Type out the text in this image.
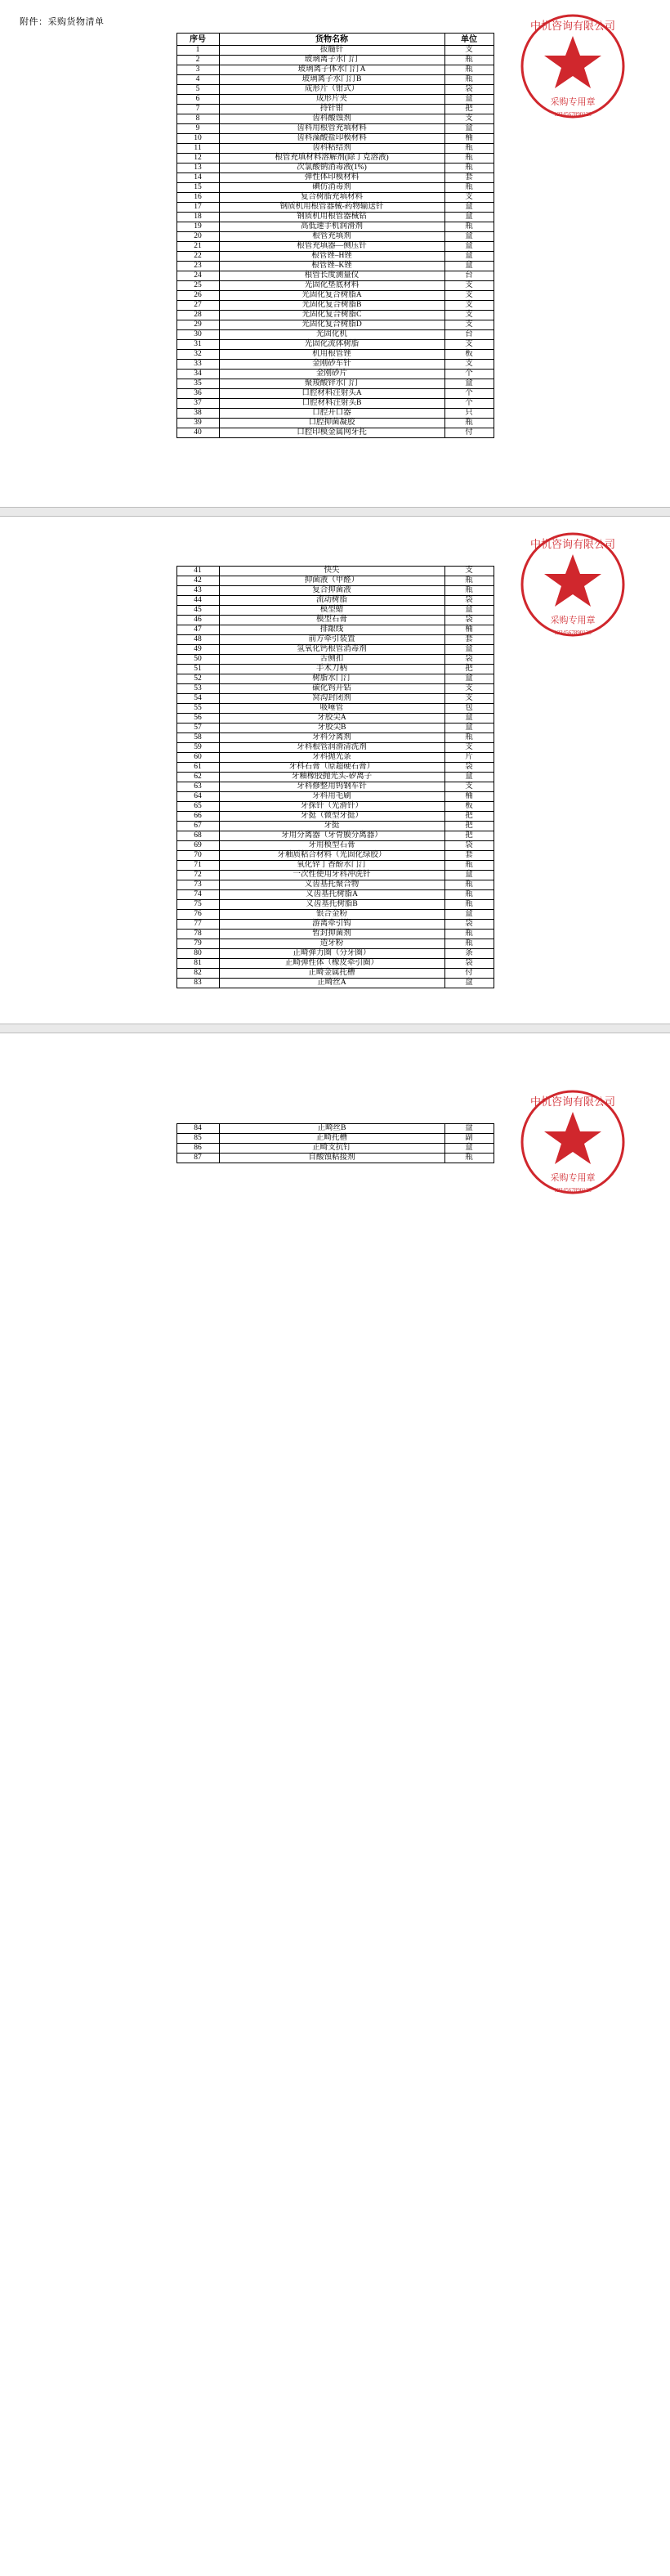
附件：采购货物清单
序号	货物名称	单位
1	拔髓针	支
2	玻璃离子水门汀	瓶
3	玻璃离子体水门汀A	瓶
4	玻璃离子水门汀B	瓶
5	成形片（钳式）	袋
6	成形片夹	盒
7	持针钳	把
8	齿科酸蚀剂	支
9	齿科用根管充填材料	盒
10	齿科藻酸盐印模材料	桶
11	齿科粘结剂	瓶
12	根管充填材料溶解剂(除丁克溶液)	瓶
13	次氯酸钠消毒液(1%)	瓶
14	弹性体印模材料	套
15	碘仿消毒剂	瓶
16	复合树脂充填材料	支
17	钢质机用根管器械-药物输送针	盒
18	钢质机用根管器械钻	盒
19	高低速手机润滑剂	瓶
20	根管充填剂	盒
21	根管充填器—侧压针	盒
22	根管锉–H锉	盒
23	根管锉–K锉	盒
24	根管长度测量仪	台
25	光固化垫底材料	支
26	光固化复合树脂A	支
27	光固化复合树脂B	支
28	光固化复合树脂C	支
29	光固化复合树脂D	支
30	光固化机	台
31	光固化流体树脂	支
32	机用根管锉	板
33	金刚砂车针	支
34	金刚砂片	个
35	聚羧酸锌水门汀	盒
36	口腔材料注射头A	个
37	口腔材料注射头B	个
38	口腔开口器	只
39	口腔抑菌凝胶	瓶
40	口腔印模金属网牙托	付
中机咨询有限公司
采购专用章
1234567890123
41	快失	支
42	抑菌液（甲醛）	瓶
43	复合抑菌液	瓶
44	流动树脂	袋
45	模型蜡	盒
46	模型石膏	袋
47	排龈线	桶
48	前方牵引装置	套
49	氢氧化钙根管消毒剂	盒
50	舌侧扣	袋
51	手术刀柄	把
52	树脂水门汀	盒
53	碳化钨开钻	支
54	窝沟封闭剂	支
55	吸唾管	包
56	牙胶尖A	盒
57	牙胶尖B	盒
58	牙科分离剂	瓶
59	牙科根管润滑清洗剂	支
60	牙科抛光条	片
61	牙科石膏（原超硬石膏）	袋
62	牙釉橡胶抛光头-矽离子	盒
63	牙科修整用钨钢车针	支
64	牙科用毛刷	桶
65	牙探针（光滑针）	板
66	牙挺（微型牙挺）	把
67	牙挺	把
68	牙用分离器（牙骨膜分离器）	把
69	牙用模型石膏	袋
70	牙釉质粘合材料（光固化绿胶）	套
71	氧化锌丁香酚水门汀	瓶
72	一次性使用牙科冲洗针	盒
73	义齿基托聚合物	瓶
74	义齿基托树脂A	瓶
75	义齿基托树脂B	瓶
76	银合金粉	盒
77	游离牵引钩	袋
78	暂封抑菌剂	瓶
79	造牙粉	瓶
80	正畸弹力圈（分牙圈）	条
81	正畸弹性体（橡皮牵引圈）	袋
82	正畸金属托槽	付
83	正畸丝A	盘
中机咨询有限公司
采购专用章
1234567890123
84	正畸丝B	盘
85	正畸托槽	副
86	正畸支抗钉	盒
87	自酸蚀粘接剂	瓶
中机咨询有限公司
采购专用章
1234567890123
